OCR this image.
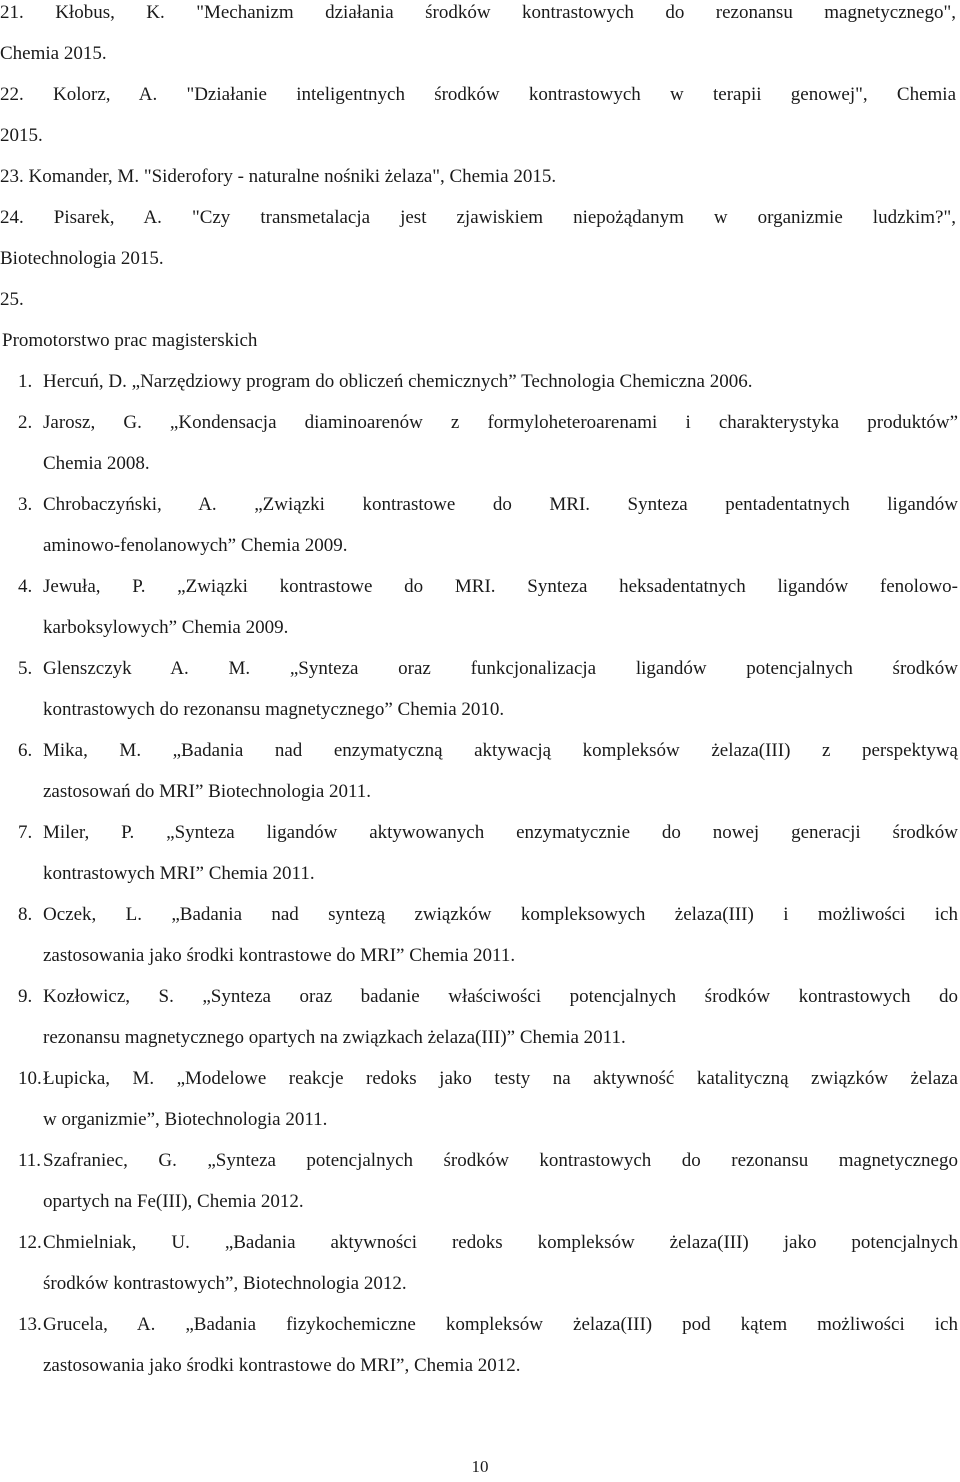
21. Kłobus, K. "Mechanizm działania środków kontrastowych do rezonansu magnetycznego",
Chemia 2015.
22. Kolorz, A. "Działanie inteligentnych środków kontrastowych w terapii genowej", Chemia
2015.
23. Komander, M. "Siderofory - naturalne nośniki żelaza", Chemia 2015.
24. Pisarek, A. "Czy transmetalacja jest zjawiskiem niepożądanym w organizmie ludzkim?",
Biotechnologia 2015.
25.
Promotorstwo prac magisterskich
1. Hercuń, D. „Narzędziowy program do obliczeń chemicznych” Technologia Chemiczna 2006.
2. Jarosz, G. „Kondensacja diaminoarenów z formyloheteroarenami i charakterystyka produktów”
Chemia 2008.
3. Chrobaczyński, A. „Związki kontrastowe do MRI. Synteza pentadentatnych ligandów
aminowo-fenolanowych” Chemia 2009.
4. Jewuła, P. „Związki kontrastowe do MRI. Synteza heksadentatnych ligandów fenolowo-
karboksylowych” Chemia 2009.
5. Glenszczyk A. M. „Synteza oraz funkcjonalizacja ligandów potencjalnych środków
kontrastowych do rezonansu magnetycznego” Chemia 2010.
6. Mika, M. „Badania nad enzymatyczną aktywacją kompleksów żelaza(III) z perspektywą
zastosowań do MRI” Biotechnologia 2011.
7. Miler, P. „Synteza ligandów aktywowanych enzymatycznie do nowej generacji środków
kontrastowych MRI” Chemia 2011.
8. Oczek, L. „Badania nad syntezą związków kompleksowych żelaza(III) i możliwości ich
zastosowania jako środki kontrastowe do MRI” Chemia 2011.
9. Kozłowicz, S. „Synteza oraz badanie właściwości potencjalnych środków kontrastowych do
rezonansu magnetycznego opartych na związkach żelaza(III)” Chemia 2011.
10. Łupicka, M. „Modelowe reakcje redoks jako testy na aktywność katalityczną związków żelaza
w organizmie”, Biotechnologia 2011.
11. Szafraniec, G. „Synteza potencjalnych środków kontrastowych do rezonansu magnetycznego
opartych na Fe(III), Chemia 2012.
12. Chmielniak, U. „Badania aktywności redoks kompleksów żelaza(III) jako potencjalnych
środków kontrastowych”, Biotechnologia 2012.
13. Grucela, A. „Badania fizykochemiczne kompleksów żelaza(III) pod kątem możliwości ich
zastosowania jako środki kontrastowe do MRI”, Chemia 2012.
10
